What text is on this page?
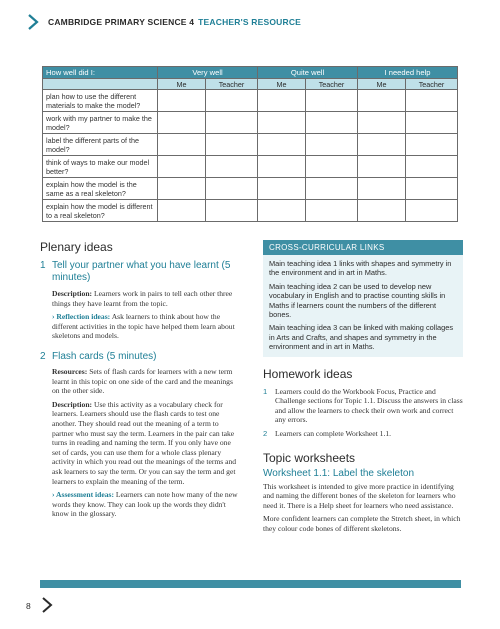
CAMBRIDGE PRIMARY SCIENCE 4 TEACHER'S RESOURCE
How well did I:	Very well		Quite well		I needed help	
	Me	Teacher	Me	Teacher	Me	Teacher
plan how to use the different materials to make the model?						
work with my partner to make the model?						
label the different parts of the model?						
think of ways to make our model better?						
explain how the model is the same as a real skeleton?						
explain how the model is different to a real skeleton?						
Plenary ideas
1 Tell your partner what you have learnt (5 minutes)

Description: Learners work in pairs to tell each other three things they have learnt from the topic.

› Reflection ideas: Ask learners to think about how the different activities in the topic have helped them learn about skeletons and models.

2 Flash cards (5 minutes)

Resources: Sets of flash cards for learners with a new term learnt in this topic on one side of the card and the meanings on the other side.

Description: Use this activity as a vocabulary check for learners. Learners should use the flash cards to test one another. They should read out the meaning of a term to partner who must say the term. Learners in the pair can take turns in reading and naming the term. If you only have one set of cards, you can use them for a whole class plenary activity in which you read out the meanings of the terms and ask learners to say the term. Or you can say the term and get learners to explain the meaning of the term.

› Assessment ideas: Learners can note how many of the new words they know. They can look up the words they didn't know in the glossary.

CROSS-CURRICULAR LINKS

Main teaching idea 1 links with shapes and symmetry in the environment and in art in Maths.

Main teaching idea 2 can be used to develop new vocabulary in English and to practise counting skills in Maths if learners count the numbers of the different bones.

Main teaching idea 3 can be linked with making collages in Arts and Crafts, and shapes and symmetry in the environment and in art in Maths.

Homework ideas
1	Learners could do the Workbook Focus, Practice and Challenge sections for Topic 1.1. Discuss the answers in class and allow the learners to check their own work and correct any errors.
2	Learners can complete Worksheet 1.1.
Topic worksheets
Worksheet 1.1: Label the skeleton

This worksheet is intended to give more practice in identifying and naming the different bones of the skeleton for learners who need it. There is a Help sheet for learners who need assistance.

More confident learners can complete the Stretch sheet, in which they colour code bones of different skeletons.

8
